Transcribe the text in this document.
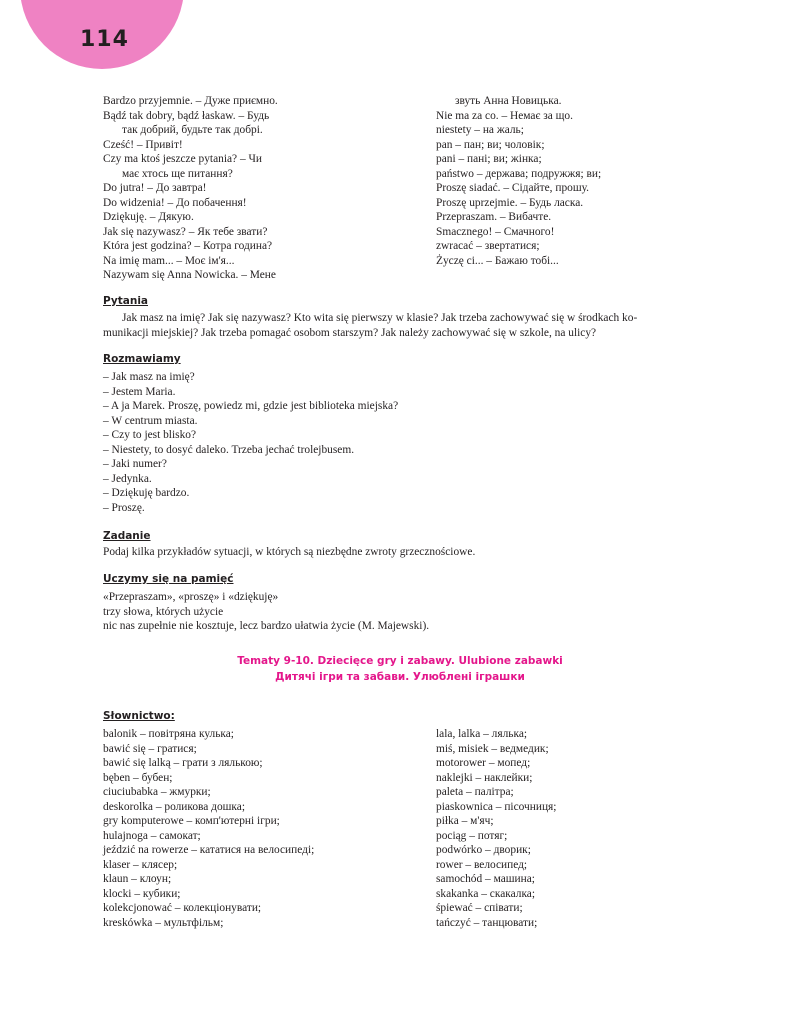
114
Bardzo przyjemnie. – Дуже приємно.
Bądź tak dobry, bądź łaskaw. – Будь
так добрий, будьте так добрі.
Cześć! – Привіт!
Czy ma ktoś jeszcze pytania? – Чи
має хтось ще питання?
Do jutra! – До завтра!
Do widzenia! – До побачення!
Dziękuję. – Дякую.
Jak się nazywasz? – Як тебе звати?
Która jest godzina? – Котра година?
Na imię mam... – Моє ім'я...
Nazywam się Anna Nowicka. – Мене
звуть Анна Новицька.
Nie ma za co. – Немає за що.
niestety – на жаль;
pan – пан; ви; чоловік;
pani – пані; ви; жінка;
państwo – держава; подружжя; ви;
Proszę siadać. – Сідайте, прошу.
Proszę uprzejmie. – Будь ласка.
Przepraszam. – Вибачте.
Smacznego! – Смачного!
zwracać – звертатися;
Życzę ci... – Бажаю тобі...
Pytania
Jak masz na imię? Jak się nazywasz? Kto wita się pierwszy w klasie? Jak trzeba zachowywać się w środkach ko-
munikacji miejskiej? Jak trzeba pomagać osobom starszym? Jak należy zachowywać się w szkole, na ulicy?
Rozmawiamy
– Jak masz na imię?
– Jestem Maria.
– A ja Marek. Proszę, powiedz mi, gdzie jest biblioteka miejska?
– W centrum miasta.
– Czy to jest blisko?
– Niestety, to dosyć daleko. Trzeba jechać trolejbusem.
– Jaki numer?
– Jedynka.
– Dziękuję bardzo.
– Proszę.
Zadanie
Podaj kilka przykładów sytuacji, w których są niezbędne zwroty grzecznościowe.
Uczymy się na pamięć
«Przepraszam», «proszę» i «dziękuję»
trzy słowa, których użycie
nic nas zupełnie nie kosztuje, lecz bardzo ułatwia życie (M. Majewski).
Tematy 9-10. Dziecięce gry i zabawy. Ulubione zabawki
Дитячі ігри та забави. Улюблені іграшки
Słownictwo:
balonik – повітряна кулька;
bawić się – гратися;
bawić się lalką – грати з лялькою;
bęben – бубен;
ciuciubabka – жмурки;
deskorolka – роликова дошка;
gry komputerowe – комп'ютерні ігри;
hulajnoga – самокат;
jeździć na rowerze – кататися на велосипеді;
klaser – клясер;
klaun – клоун;
klocki – кубики;
kolekcjonować – колекціонувати;
kreskówka – мультфільм;
lala, lalka – лялька;
miś, misiek – ведмедик;
motorower – мопед;
naklejki – наклейки;
paleta – палітра;
piaskownica – пісочниця;
piłka – м'яч;
pociąg – потяг;
podwórko – дворик;
rower – велосипед;
samochód – машина;
skakanka – скакалка;
śpiewać – співати;
tańczyć – танцювати;
